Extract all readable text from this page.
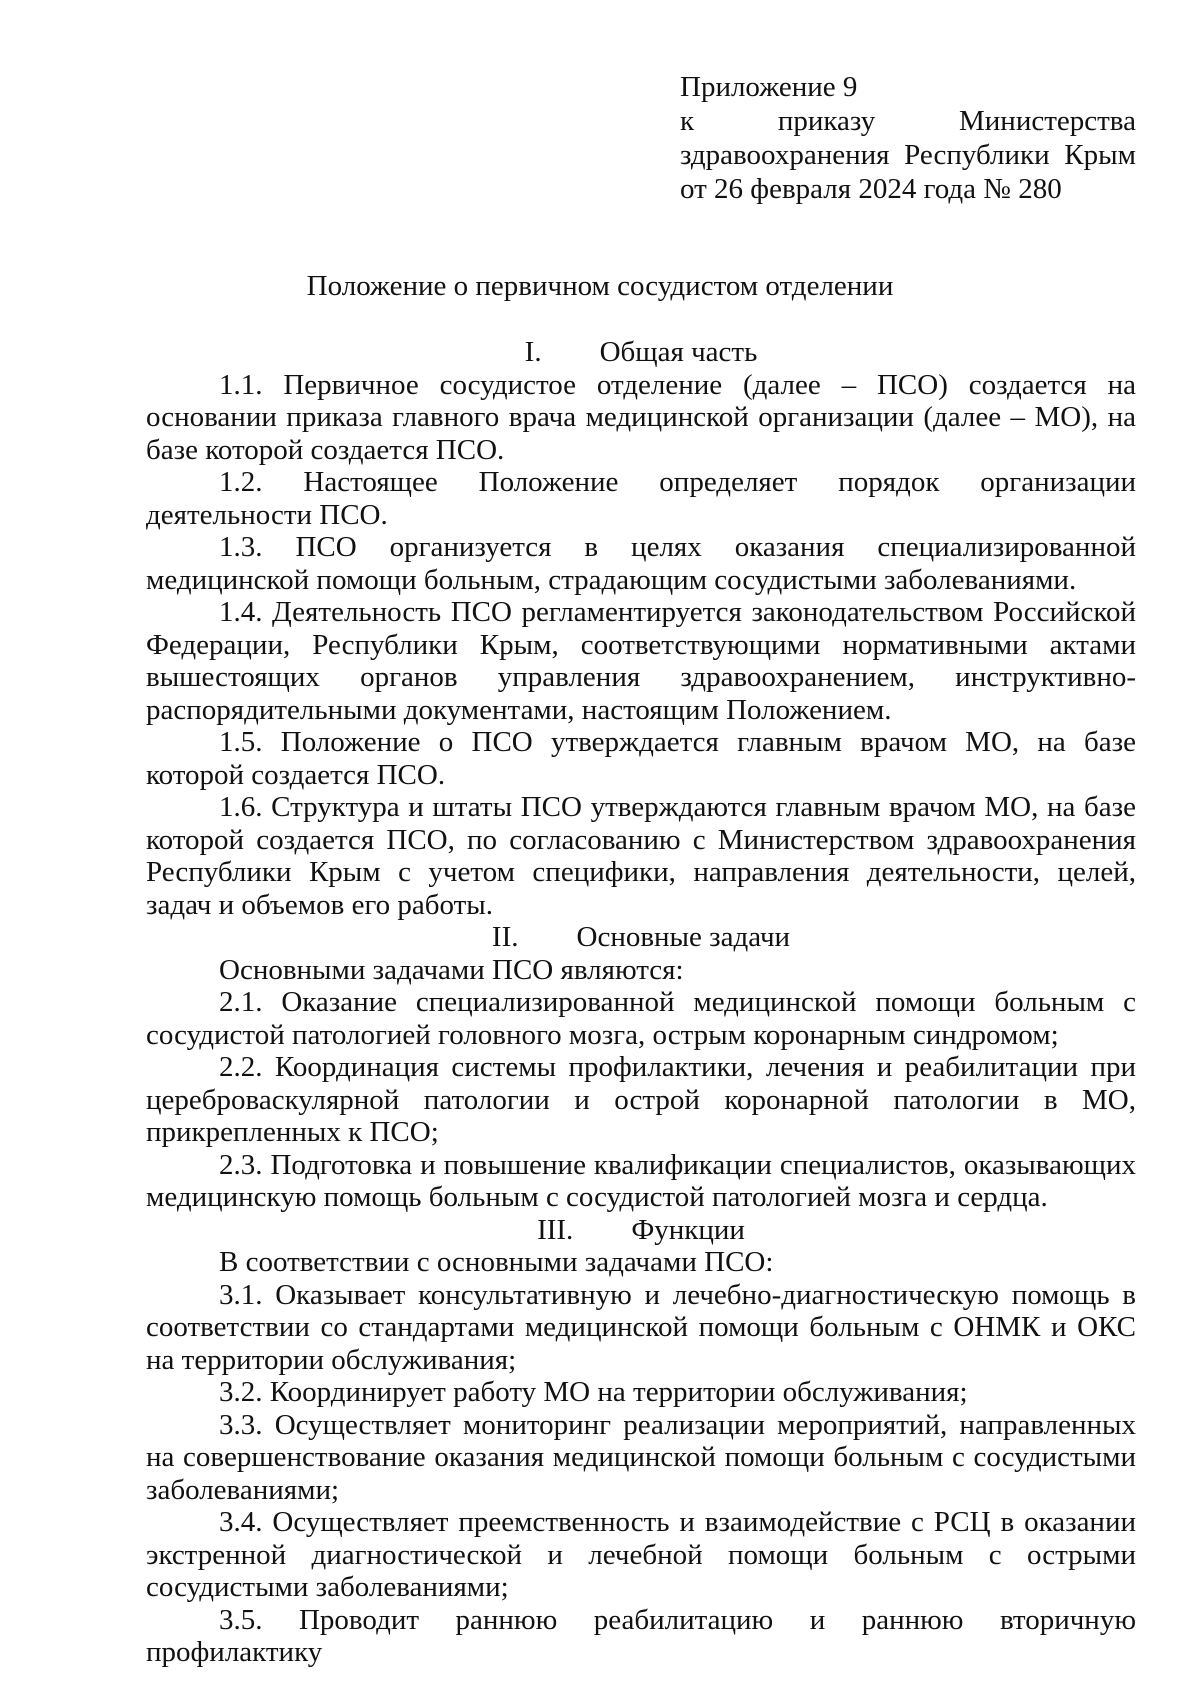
Приложение 9
к приказу Министерства
здравоохранения Республики Крым
от 26 февраля 2024 года № 280
Положение о первичном сосудистом отделении
I. Общая часть

1.1. Первичное сосудистое отделение (далее – ПСО) создается на основании приказа главного врача медицинской организации (далее – МО), на базе которой создается ПСО.

1.2. Настоящее Положение определяет порядок организации деятельности ПСО.

1.3. ПСО организуется в целях оказания специализированной медицинской помощи больным, страдающим сосудистыми заболеваниями.

1.4. Деятельность ПСО регламентируется законодательством Российской Федерации, Республики Крым, соответствующими нормативными актами вышестоящих органов управления здравоохранением, инструктивно-распорядительными документами, настоящим Положением.

1.5. Положение о ПСО утверждается главным врачом МО, на базе которой создается ПСО.

1.6. Структура и штаты ПСО утверждаются главным врачом МО, на базе которой создается ПСО, по согласованию с Министерством здравоохранения Республики Крым с учетом специфики, направления деятельности, целей, задач и объемов его работы.

II. Основные задачи

Основными задачами ПСО являются:

2.1. Оказание специализированной медицинской помощи больным с сосудистой патологией головного мозга, острым коронарным синдромом;

2.2. Координация системы профилактики, лечения и реабилитации при цереброваскулярной патологии и острой коронарной патологии в МО, прикрепленных к ПСО;

2.3. Подготовка и повышение квалификации специалистов, оказывающих медицинскую помощь больным с сосудистой патологией мозга и сердца.

III. Функции

В соответствии с основными задачами ПСО:

3.1. Оказывает консультативную и лечебно-диагностическую помощь в соответствии со стандартами медицинской помощи больным с ОНМК и ОКС на территории обслуживания;

3.2. Координирует работу МО на территории обслуживания;

3.3. Осуществляет мониторинг реализации мероприятий, направленных на совершенствование оказания медицинской помощи больным с сосудистыми заболеваниями;

3.4. Осуществляет преемственность и взаимодействие с РСЦ в оказании экстренной диагностической и лечебной помощи больным с острыми сосудистыми заболеваниями;

3.5. Проводит раннюю реабилитацию и раннюю вторичную профилактику
